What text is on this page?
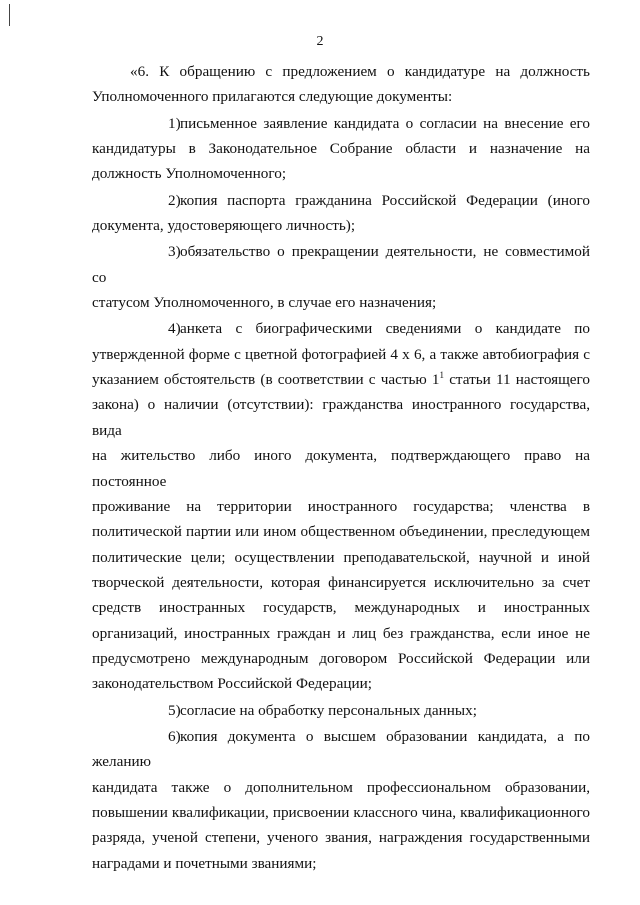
2

«6. К обращению с предложением о кандидатуре на должность

Уполномоченного прилагаются следующие документы:

1)письменное заявление кандидата о согласии на внесение его

кандидатуры в Законодательное Собрание области и назначение на

должность Уполномоченного;

2)копия паспорта гражданина Российской Федерации (иного

документа, удостоверяющего личность);

3)обязательство о прекращении деятельности, не совместимой со

статусом Уполномоченного, в случае его назначения;

4)анкета с биографическими сведениями о кандидате по

утвержденной форме с цветной фотографией 4 х 6, а также автобиография с

указанием обстоятельств (в соответствии с частью $1^1$ статьи 11 настоящего

закона) о наличии (отсутствии): гражданства иностранного государства, вида

на жительство либо иного документа, подтверждающего право на постоянное

проживание на территории иностранного государства; членства в

политической партии или ином общественном объединении, преследующем

политические цели; осуществлении преподавательской, научной и иной

творческой деятельности, которая финансируется исключительно за счет

средств иностранных государств, международных и иностранных

организаций, иностранных граждан и лиц без гражданства, если иное не

предусмотрено международным договором Российской Федерации или

законодательством Российской Федерации;

5)согласие на обработку персональных данных;

6)копия документа о высшем образовании кандидата, а по желанию

кандидата также о дополнительном профессиональном образовании,

повышении квалификации, присвоении классного чина, квалификационного

разряда, ученой степени, ученого звания, награждения государственными

наградами и почетными званиями;
